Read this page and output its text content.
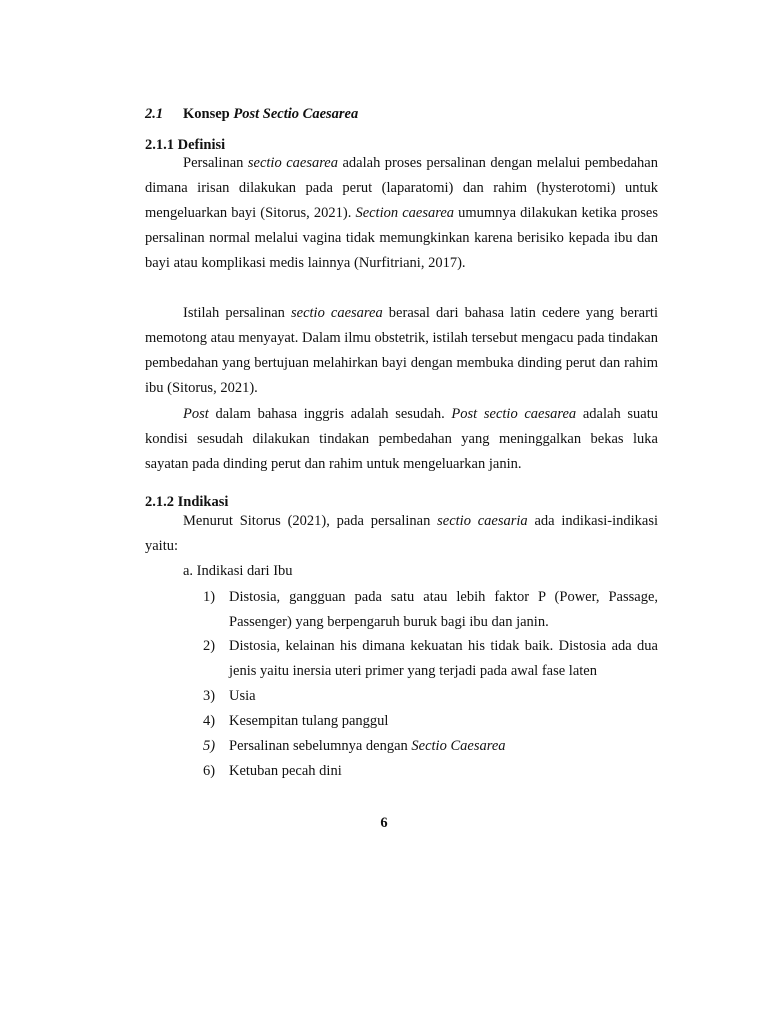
2.1 Konsep Post Sectio Caesarea
2.1.1 Definisi
Persalinan sectio caesarea adalah proses persalinan dengan melalui pembedahan dimana irisan dilakukan pada perut (laparatomi) dan rahim (hysterotomi) untuk mengeluarkan bayi (Sitorus, 2021). Section caesarea umumnya dilakukan ketika proses persalinan normal melalui vagina tidak memungkinkan karena berisiko kepada ibu dan bayi atau komplikasi medis lainnya (Nurfitriani, 2017).
Istilah persalinan sectio caesarea berasal dari bahasa latin cedere yang berarti memotong atau menyayat. Dalam ilmu obstetrik, istilah tersebut mengacu pada tindakan pembedahan yang bertujuan melahirkan bayi dengan membuka dinding perut dan rahim ibu (Sitorus, 2021).
Post dalam bahasa inggris adalah sesudah. Post sectio caesarea adalah suatu kondisi sesudah dilakukan tindakan pembedahan yang meninggalkan bekas luka sayatan pada dinding perut dan rahim untuk mengeluarkan janin.
2.1.2 Indikasi
Menurut Sitorus (2021), pada persalinan sectio caesaria ada indikasi-indikasi yaitu:
a. Indikasi dari Ibu
1) Distosia, gangguan pada satu atau lebih faktor P (Power, Passage, Passenger) yang berpengaruh buruk bagi ibu dan janin.
2) Distosia, kelainan his dimana kekuatan his tidak baik. Distosia ada dua jenis yaitu inersia uteri primer yang terjadi pada awal fase laten
3) Usia
4) Kesempitan tulang panggul
5) Persalinan sebelumnya dengan Sectio Caesarea
6) Ketuban pecah dini
6
